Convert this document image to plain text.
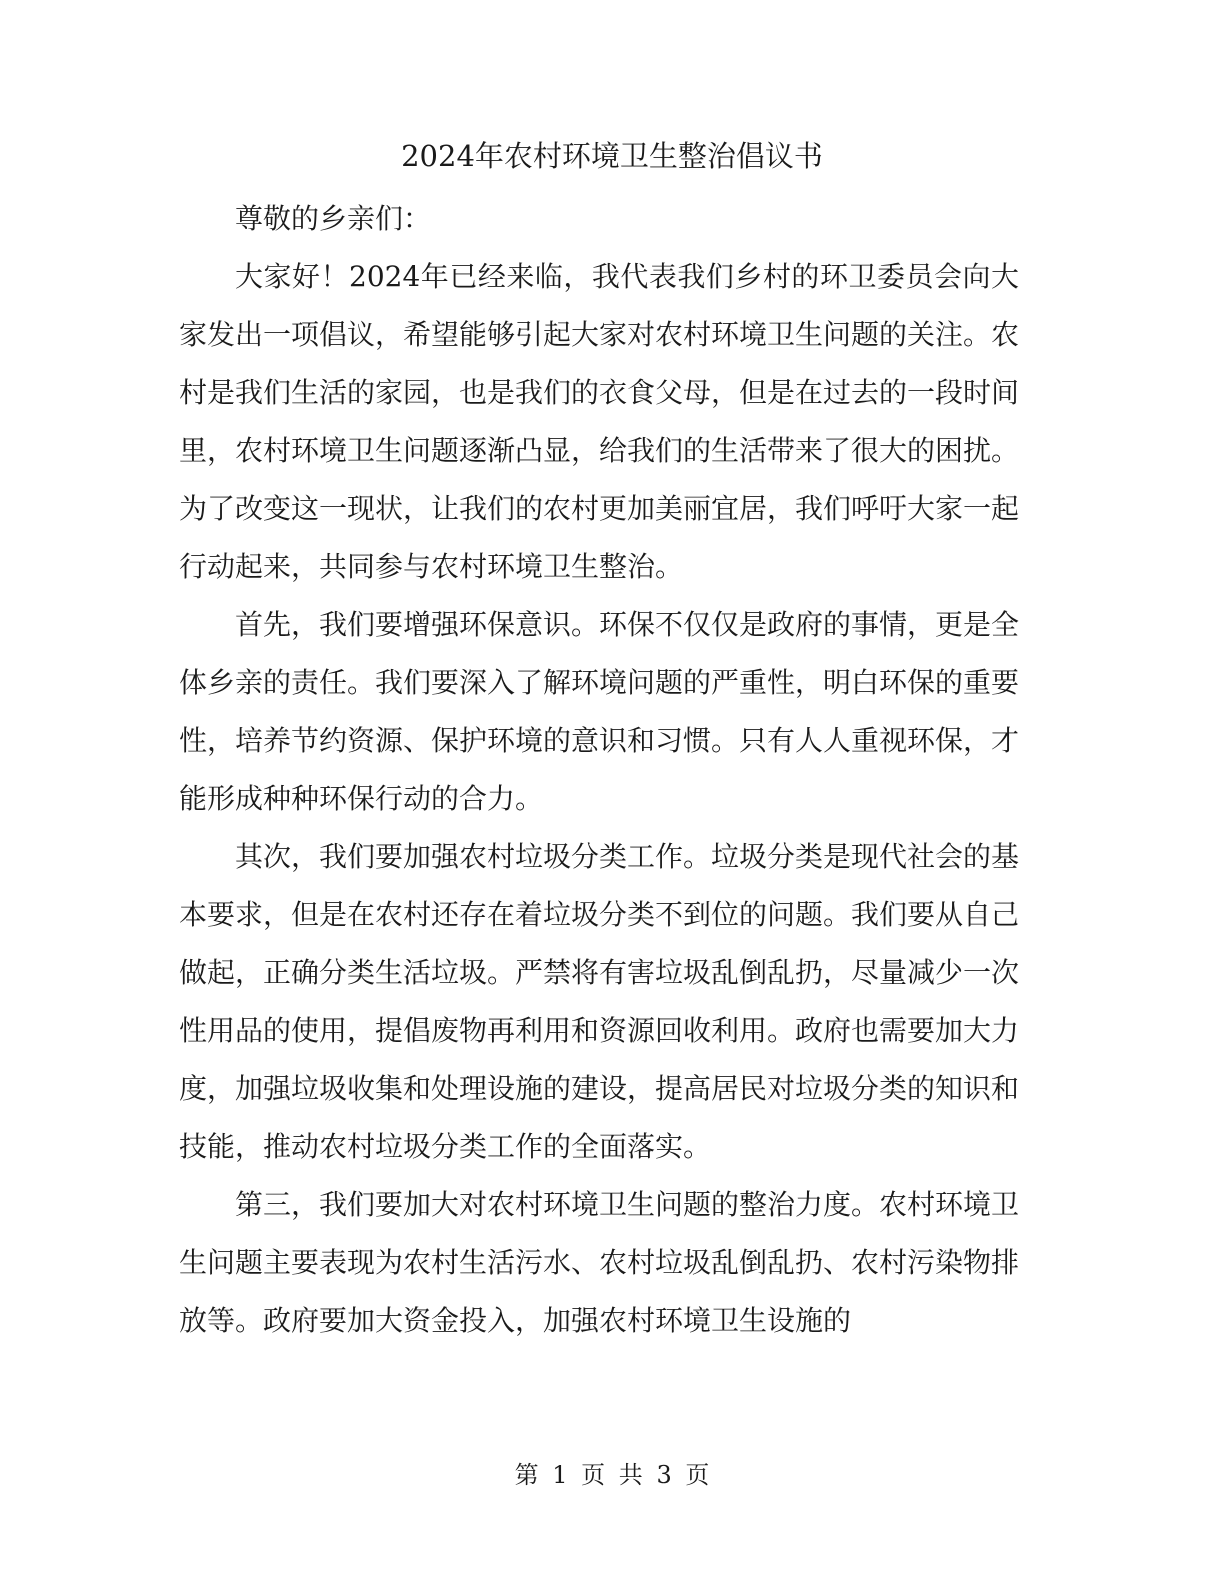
2024年农村环境卫生整治倡议书

尊敬的乡亲们：

大家好！2024年已经来临，我代表我们乡村的环卫委员会向大家发出一项倡议，希望能够引起大家对农村环境卫生问题的关注。农村是我们生活的家园，也是我们的衣食父母，但是在过去的一段时间里，农村环境卫生问题逐渐凸显，给我们的生活带来了很大的困扰。为了改变这一现状，让我们的农村更加美丽宜居，我们呼吁大家一起行动起来，共同参与农村环境卫生整治。

首先，我们要增强环保意识。环保不仅仅是政府的事情，更是全体乡亲的责任。我们要深入了解环境问题的严重性，明白环保的重要性，培养节约资源、保护环境的意识和习惯。只有人人重视环保，才能形成种种环保行动的合力。

其次，我们要加强农村垃圾分类工作。垃圾分类是现代社会的基本要求，但是在农村还存在着垃圾分类不到位的问题。我们要从自己做起，正确分类生活垃圾。严禁将有害垃圾乱倒乱扔，尽量减少一次性用品的使用，提倡废物再利用和资源回收利用。政府也需要加大力度，加强垃圾收集和处理设施的建设，提高居民对垃圾分类的知识和技能，推动农村垃圾分类工作的全面落实。

第三，我们要加大对农村环境卫生问题的整治力度。农村环境卫生问题主要表现为农村生活污水、农村垃圾乱倒乱扔、农村污染物排放等。政府要加大资金投入，加强农村环境卫生设施的

第 1 页 共 3 页
